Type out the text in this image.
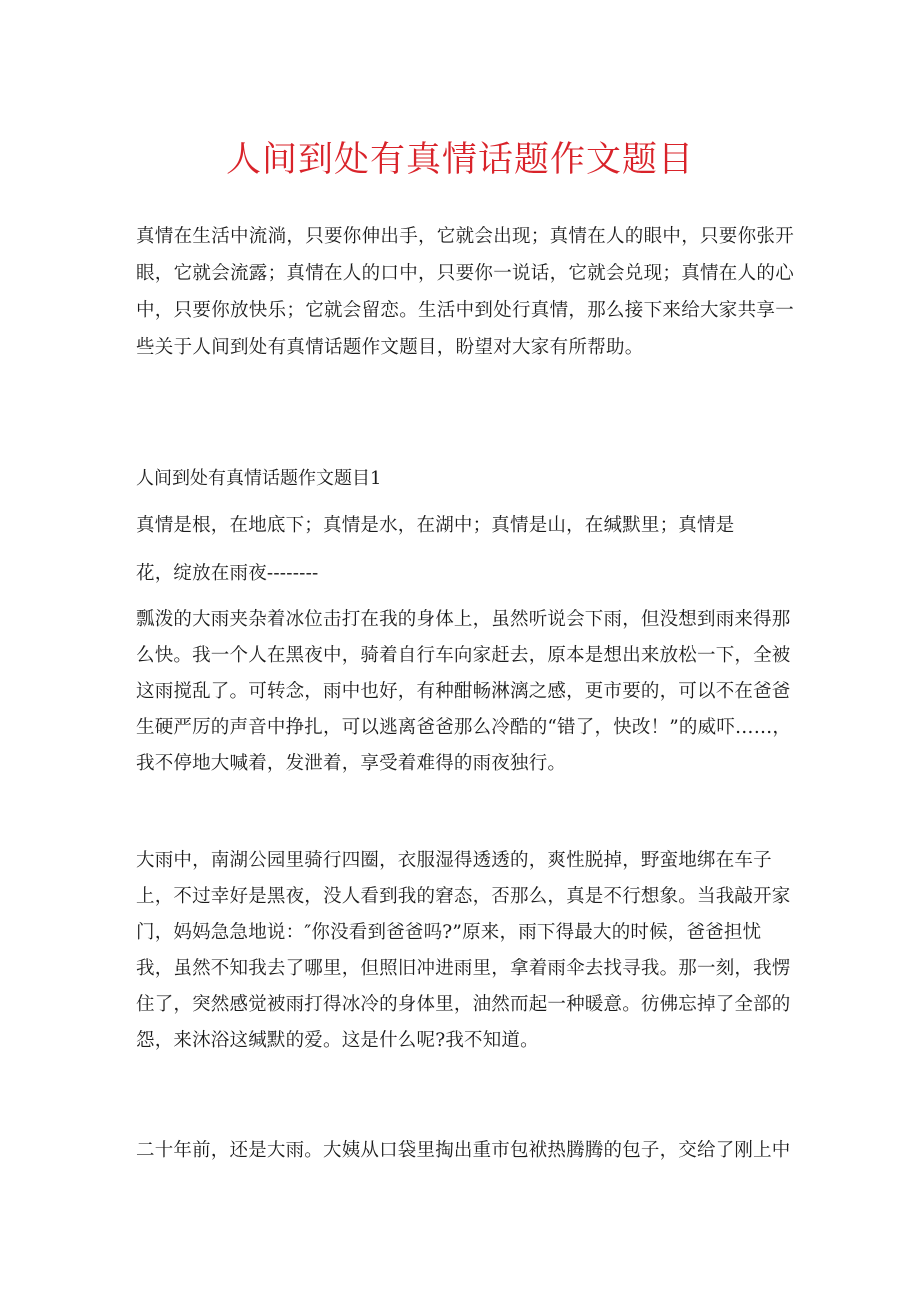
人间到处有真情话题作文题目

真情在生活中流淌，只要你伸出手，它就会出现；真情在人的眼中，只要你张开眼，它就会流露；真情在人的口中，只要你一说话，它就会兑现；真情在人的心中，只要你放快乐；它就会留恋。生活中到处行真情，那么接下来给大家共享一些关于人间到处有真情话题作文题目，盼望对大家有所帮助。

人间到处有真情话题作文题目1

真情是根，在地底下；真情是水，在湖中；真情是山，在缄默里；真情是

花，绽放在雨夜--------

瓢泼的大雨夹杂着冰位击打在我的身体上，虽然听说会下雨，但没想到雨来得那么快。我一个人在黑夜中，骑着自行车向家赶去，原本是想出来放松一下，全被这雨搅乱了。可转念，雨中也好，有种酣畅淋漓之感，更市要的，可以不在爸爸生硬严厉的声音中挣扎，可以逃离爸爸那么冷酷的“错了，快改！”的威吓……，我不停地大喊着，发泄着，享受着难得的雨夜独行。

大雨中，南湖公园里骑行四圈，衣服湿得透透的，爽性脱掉，野蛮地绑在车子上，不过幸好是黑夜，没人看到我的窘态，否那么，真是不行想象。当我敲开家门，妈妈急急地说：″你没看到爸爸吗?”原来，雨下得最大的时候，爸爸担忧我，虽然不知我去了哪里，但照旧冲进雨里，拿着雨伞去找寻我。那一刻，我愣住了，突然感觉被雨打得冰冷的身体里，油然而起一种暖意。彷佛忘掉了全部的怨，来沐浴这缄默的爱。这是什么呢?我不知道。

二十年前，还是大雨。大姨从口袋里掏出重市包袱热腾腾的包子，交给了刚上中
